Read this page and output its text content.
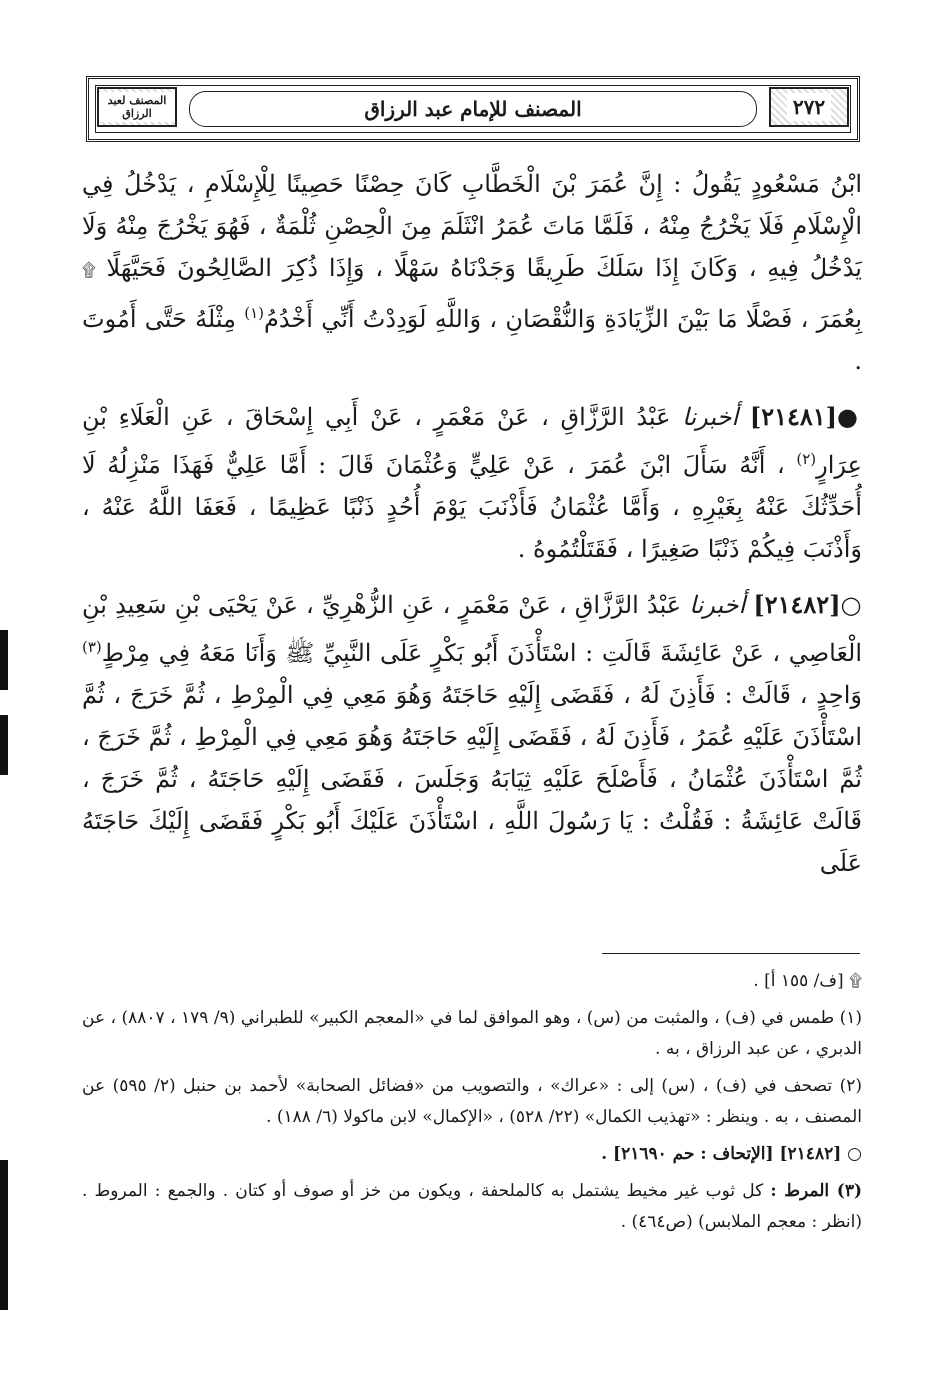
٢٧٢
المصنف للإمام عبد الرزاق
المصنف لعبد الرزاق

ابْنُ مَسْعُودٍ يَقُولُ : إِنَّ عُمَرَ بْنَ الْخَطَّابِ كَانَ حِصْنًا حَصِينًا لِلْإِسْلَامِ ، يَدْخُلُ فِي الْإِسْلَامِ فَلَا يَخْرُجُ مِنْهُ ، فَلَمَّا مَاتَ عُمَرُ انْثَلَمَ مِنَ الْحِصْنِ ثُلْمَةٌ ، فَهُوَ يَخْرُجَ مِنْهُ وَلَا يَدْخُلُ فِيهِ ، وَكَانَ إِذَا سَلَكَ طَرِيقًا وَجَدْنَاهُ سَهْلًا ، وَإِذَا ذُكِرَ الصَّالِحُونَ فَحَيَّهَلًا ۩ بِعُمَرَ ، فَصْلًا مَا بَيْنَ الزِّيَادَةِ وَالنُّقْصَانِ ، وَاللَّهِ لَوَدِدْتُ أَنِّي أَخْدُمُ$^{(١)}$ مِثْلَهُ حَتَّى أَمُوتَ .

●[٢١٤٨١] أخبرنا عَبْدُ الرَّزَّاقِ ، عَنْ مَعْمَرٍ ، عَنْ أَبِي إِسْحَاقَ ، عَنِ الْعَلَاءِ بْنِ عِرَارٍ$^{(٢)}$ ، أَنَّهُ سَأَلَ ابْنَ عُمَرَ ، عَنْ عَلِيٍّ وَعُثْمَانَ قَالَ : أَمَّا عَلِيٌّ فَهَذَا مَنْزِلُهُ لَا أُحَدِّثُكَ عَنْهُ بِغَيْرِهِ ، وَأَمَّا عُثْمَانُ فَأَذْنَبَ يَوْمَ أُحُدٍ ذَنْبًا عَظِيمًا ، فَعَفَا اللَّهُ عَنْهُ ، وَأَذْنَبَ فِيكُمْ ذَنْبًا صَغِيرًا ، فَقَتَلْتُمُوهُ .

○[٢١٤٨٢] أخبرنا عَبْدُ الرَّزَّاقِ ، عَنْ مَعْمَرٍ ، عَنِ الزُّهْرِيِّ ، عَنْ يَحْيَى بْنِ سَعِيدِ بْنِ الْعَاصِي ، عَنْ عَائِشَةَ قَالَتِ : اسْتَأْذَنَ أَبُو بَكْرٍ عَلَى النَّبِيِّ ﷺ وَأَنَا مَعَهُ فِي مِرْطٍ$^{(٣)}$ وَاحِدٍ ، قَالَتْ : فَأَذِنَ لَهُ ، فَقَضَى إِلَيْهِ حَاجَتَهُ وَهُوَ مَعِي فِي الْمِرْطِ ، ثُمَّ خَرَجَ ، ثُمَّ اسْتَأْذَنَ عَلَيْهِ عُمَرُ ، فَأَذِنَ لَهُ ، فَقَضَى إِلَيْهِ حَاجَتَهُ وَهُوَ مَعِي فِي الْمِرْطِ ، ثُمَّ خَرَجَ ، ثُمَّ اسْتَأْذَنَ عُثْمَانُ ، فَأَصْلَحَ عَلَيْهِ ثِيَابَهُ وَجَلَسَ ، فَقَضَى إِلَيْهِ حَاجَتَهُ ، ثُمَّ خَرَجَ ، قَالَتْ عَائِشَةُ : فَقُلْتُ : يَا رَسُولَ اللَّهِ ، اسْتَأْذَنَ عَلَيْكَ أَبُو بَكْرٍ فَقَضَى إِلَيْكَ حَاجَتَهُ عَلَى

۩ [ف/ ١٥٥ أ] .

(١) طمس في (ف) ، والمثبت من (س) ، وهو الموافق لما في «المعجم الكبير» للطبراني (٩/ ١٧٩ ، ٨٨٠٧) ، عن الدبري ، عن عبد الرزاق ، به .

(٢) تصحف في (ف) ، (س) إلى : «عراك» ، والتصويب من «فضائل الصحابة» لأحمد بن حنبل (٢/ ٥٩٥) عن المصنف ، به . وينظر : «تهذيب الكمال» (٢٢/ ٥٢٨) ، «الإكمال» لابن ماكولا (٦/ ١٨٨) .

○ [٢١٤٨٢] [الإتحاف : حم ٢١٦٩٠] .

(٣) المرط : كل ثوب غير مخيط يشتمل به كالملحفة ، ويكون من خز أو صوف أو كتان . والجمع : المروط . (انظر : معجم الملابس) (ص٤٦٤) .
